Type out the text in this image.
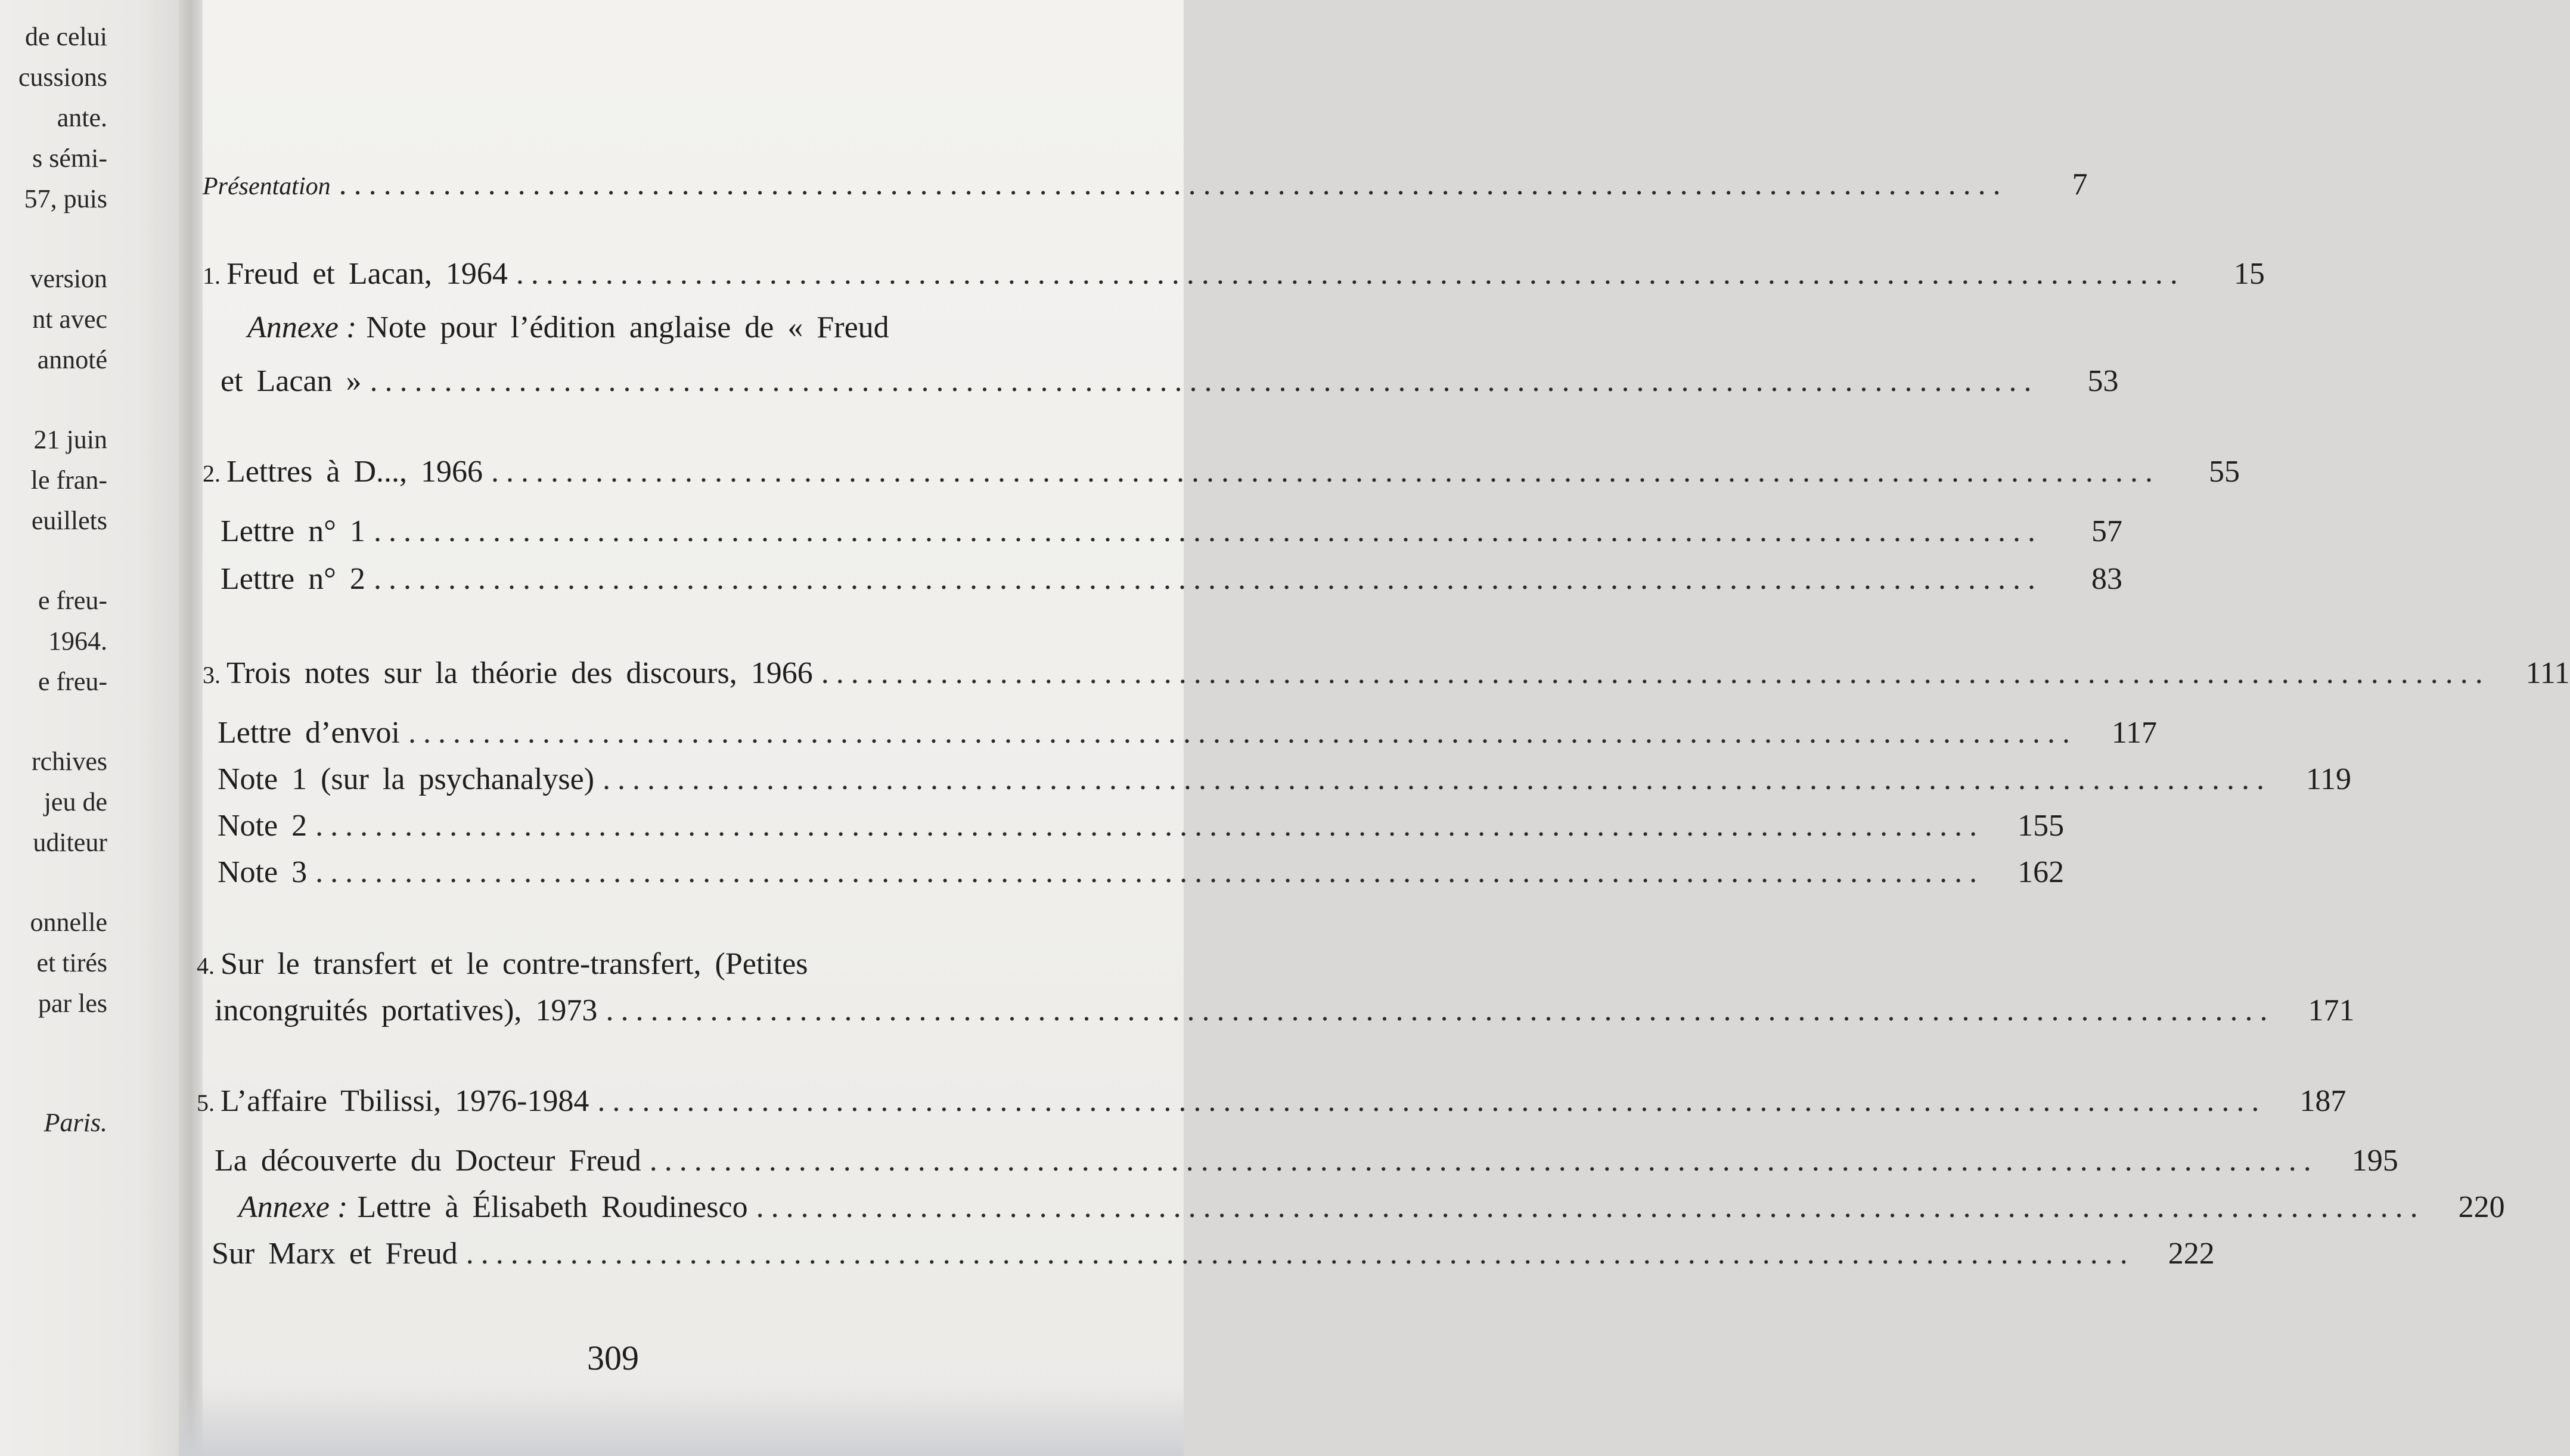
de celui
cussions
ante.
s sémi-
57, puis
version
nt avec
annoté
21 juin
le fran-
euillets
e freu-
1964.
e freu-
rchives
jeu de
uditeur
onnelle
et tirés
par les
Paris.
Présentation ................................................................................................................	7
1. Freud et Lacan, 1964 ................................................................................................................	15
Annexe : Note pour l’édition anglaise de « Freud
et Lacan » ................................................................................................................	53
2. Lettres à D..., 1966 ................................................................................................................	55
Lettre n° 1 ................................................................................................................	57
Lettre n° 2 ................................................................................................................	83
3. Trois notes sur la théorie des discours, 1966 ................................................................................................................	111
Lettre d’envoi ................................................................................................................	117
Note 1 (sur la psychanalyse) ................................................................................................................	119
Note 2 ................................................................................................................	155
Note 3 ................................................................................................................	162
4. Sur le transfert et le contre-transfert, (Petites
incongruités portatives), 1973 ................................................................................................................	171
5. L’affaire Tbilissi, 1976-1984 ................................................................................................................	187
La découverte du Docteur Freud ................................................................................................................	195
Annexe : Lettre à Élisabeth Roudinesco ................................................................................................................	220
Sur Marx et Freud ................................................................................................................	222
309
